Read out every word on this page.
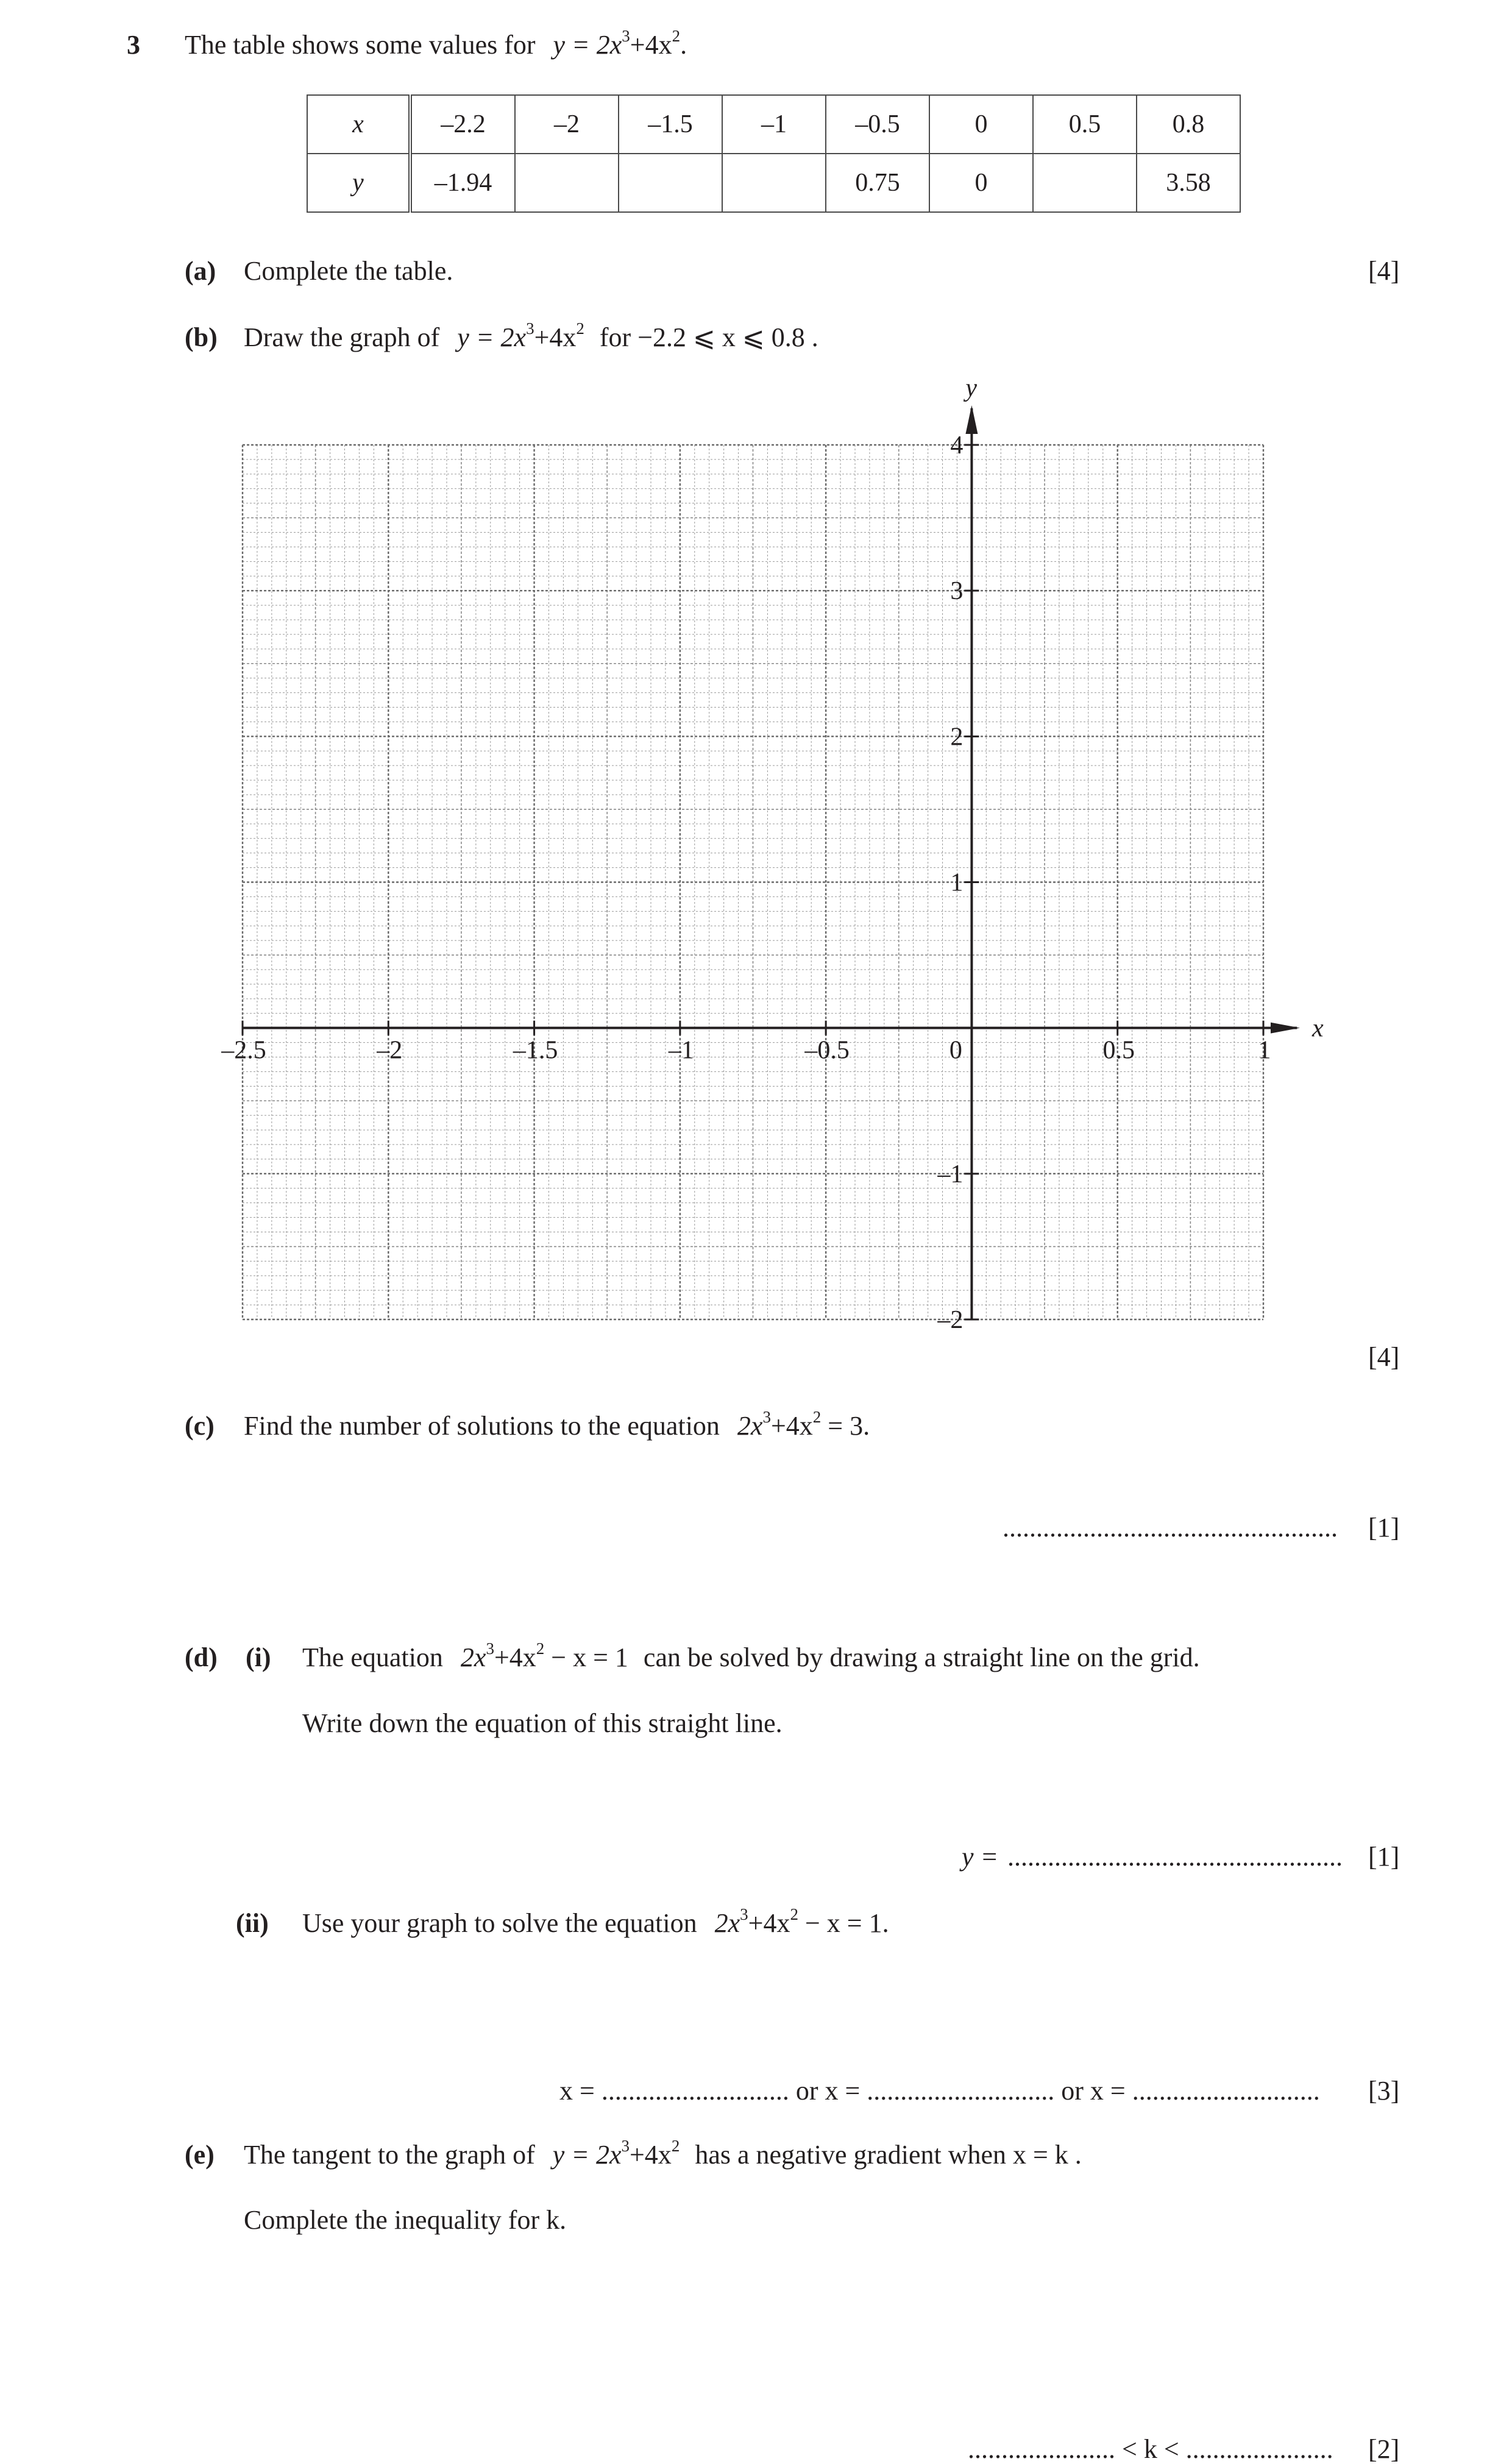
3 The table shows some values for $y = 2x^3+4x^2$.
x	–2.2	–2	–1.5	–1	–0.5	0	0.5	0.8
y	–1.94				0.75	0		3.58
(a) Complete the table.	[4]
(b) Draw the graph of $y = 2x^3+4x^2$ for −2.2 ⩽ x ⩽ 0.8 .
–2.5	–2	–1.5	–1	–0.5	0	0.5	1
–2
–1
1
2
3
4
x
y
[4]
(c) Find the number of solutions to the equation $2x^3+4x^2 = 3$.
.................................................. [1]
(d) (i) The equation $2x^3+4x^2 - x = 1$ can be solved by drawing a straight line on the grid.
Write down the equation of this straight line.
y = .................................................. [1]
(ii) Use your graph to solve the equation $2x^3+4x^2 - x = 1$.
x = ............................ or x = ............................ or x = ............................ [3]
(e) The tangent to the graph of $y = 2x^3+4x^2$ has a negative gradient when x = k .
Complete the inequality for k.
...................... < k < ...................... [2]
